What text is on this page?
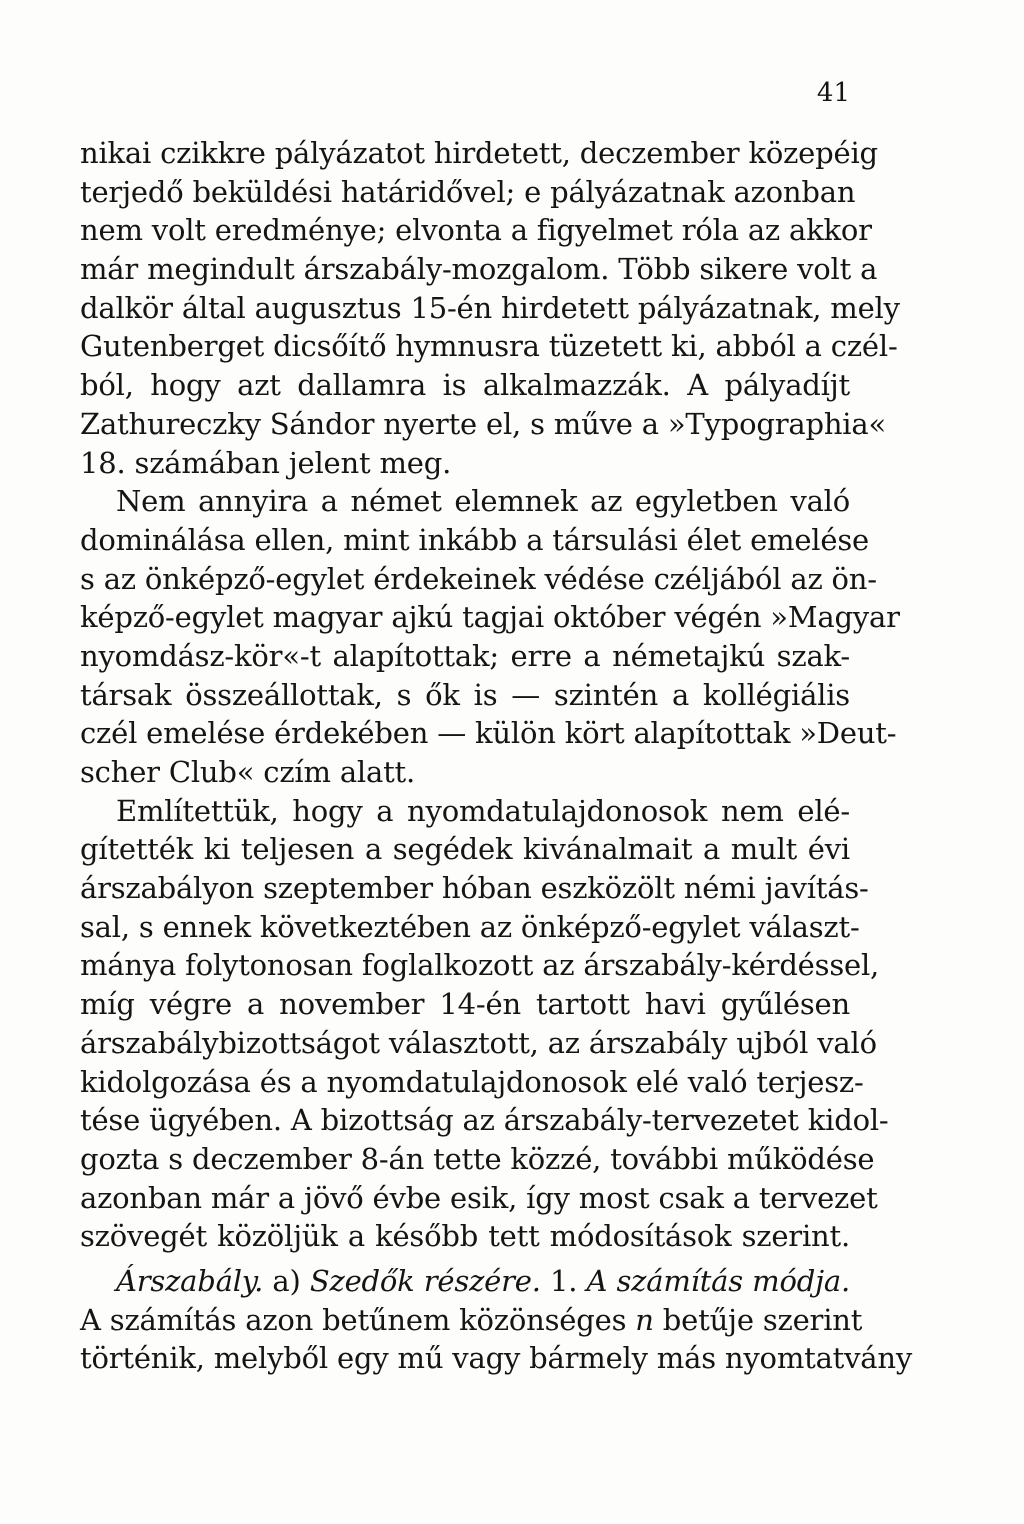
41
nikai czikkre pályázatot hirdetett, deczember közepéig
terjedő beküldési határidővel; e pályázatnak azonban
nem volt eredménye; elvonta a figyelmet róla az akkor
már megindult árszabály-mozgalom. Több sikere volt a
dalkör által augusztus 15-én hirdetett pályázatnak, mely
Gutenberget dicsőítő hymnusra tüzetett ki, abból a czél-
ból, hogy azt dallamra is alkalmazzák. A pályadíjt
Zathureczky Sándor nyerte el, s műve a »Typographia«
18. számában jelent meg.
Nem annyira a német elemnek az egyletben való
dominálása ellen, mint inkább a társulási élet emelése
s az önképző-egylet érdekeinek védése czéljából az ön-
képző-egylet magyar ajkú tagjai október végén »Magyar
nyomdász-kör«-t alapítottak; erre a németajkú szak-
társak összeállottak, s ők is — szintén a kollégiális
czél emelése érdekében — külön kört alapítottak »Deut-
scher Club« czím alatt.
Említettük, hogy a nyomdatulajdonosok nem elé-
gítették ki teljesen a segédek kivánalmait a mult évi
árszabályon szeptember hóban eszközölt némi javítás-
sal, s ennek következtében az önképző-egylet választ-
mánya folytonosan foglalkozott az árszabály-kérdéssel,
míg végre a november 14-én tartott havi gyűlésen
árszabálybizottságot választott, az árszabály ujból való
kidolgozása és a nyomdatulajdonosok elé való terjesz-
tése ügyében. A bizottság az árszabály-tervezetet kidol-
gozta s deczember 8-án tette közzé, további működése
azonban már a jövő évbe esik, így most csak a tervezet
szövegét közöljük a később tett módosítások szerint.
Árszabály. a) Szedők részére. 1. A számítás módja.
A számítás azon betűnem közönséges n betűje szerint
történik, melyből egy mű vagy bármely más nyomtatvány
